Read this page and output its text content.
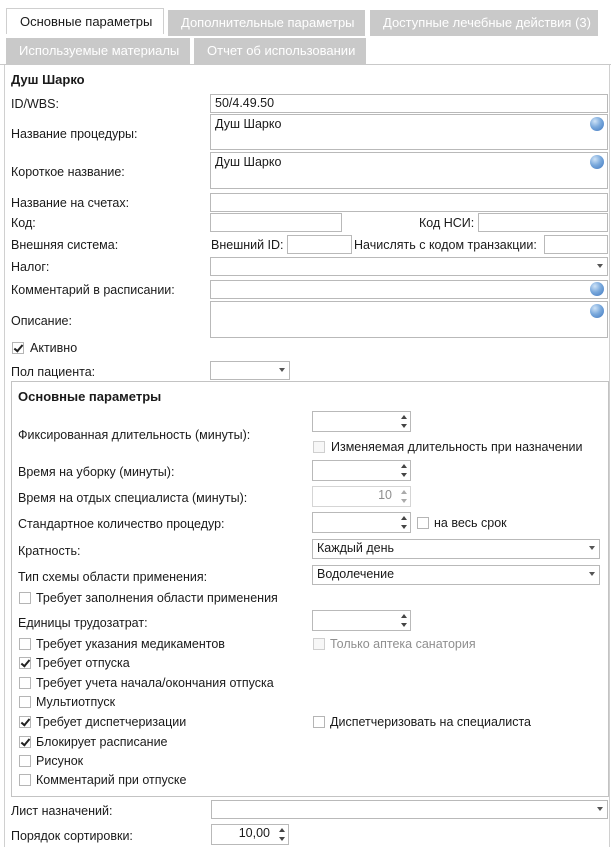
Основные параметры	Дополнительные параметры	Доступные лечебные действия (3)
Используемые материалы	Отчет об использовании
Душ Шарко
ID/WBS:	50/4.49.50
Название процедуры:
Душ Шарко
Короткое название:
Душ Шарко
Название на счетах:
Код:	Код НСИ:
Внешняя система:	Внешний ID:	Начислять с кодом транзакции:
Налог:
Комментарий в расписании:
Описание:
Активно
Пол пациента:
Основные параметры
Фиксированная длительность (минуты):
Изменяемая длительность при назначении
Время на уборку (минуты):
Время на отдых специалиста (минуты):	10
Стандартное количество процедур:	на весь срок
Кратность:	Каждый день
Тип схемы области применения:	Водолечение
Требует заполнения области применения
Единицы трудозатрат:
Требует указания медикаментов	Только аптека санатория
Требует отпуска
Требует учета начала/окончания отпуска
Мультиотпуск
Требует диспетчеризации	Диспетчеризовать на специалиста
Блокирует расписание
Рисунок
Комментарий при отпуске
Лист назначений:
Порядок сортировки:	10,00
